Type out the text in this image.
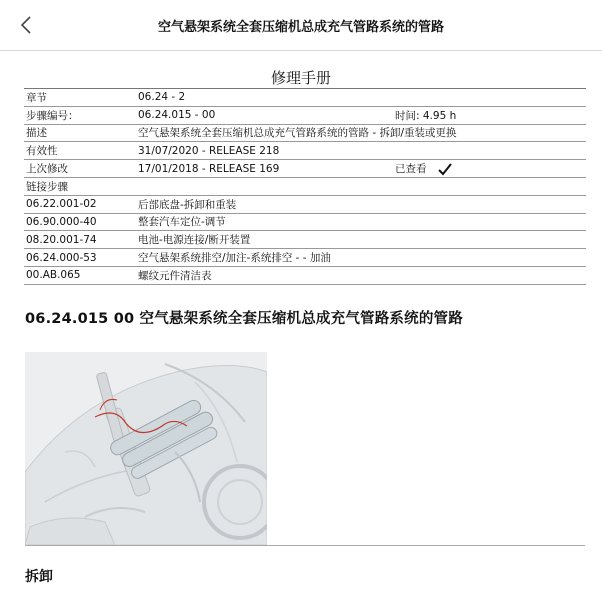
空气悬架系统全套压缩机总成充气管路系统的管路
修理手册
章节	06.24 - 2	
步骤编号：	06.24.015 - 00	时间: 4.95 h
描述	空气悬架系统全套压缩机总成充气管路系统的管路 - 拆卸/重装或更换	
有效性	31/07/2020 - RELEASE 218	
上次修改	17/01/2018 - RELEASE 169	已查看
链接步骤		
06.22.001-02	后部底盘-拆卸和重装	
06.90.000-40	整套汽车定位-调节	
08.20.001-74	电池-电源连接/断开装置	
06.24.000-53	空气悬架系统排空/加注-系统排空 - - 加油	
00.AB.065	螺纹元件清洁表	
06.24.015 00 空气悬架系统全套压缩机总成充气管路系统的管路
拆卸
